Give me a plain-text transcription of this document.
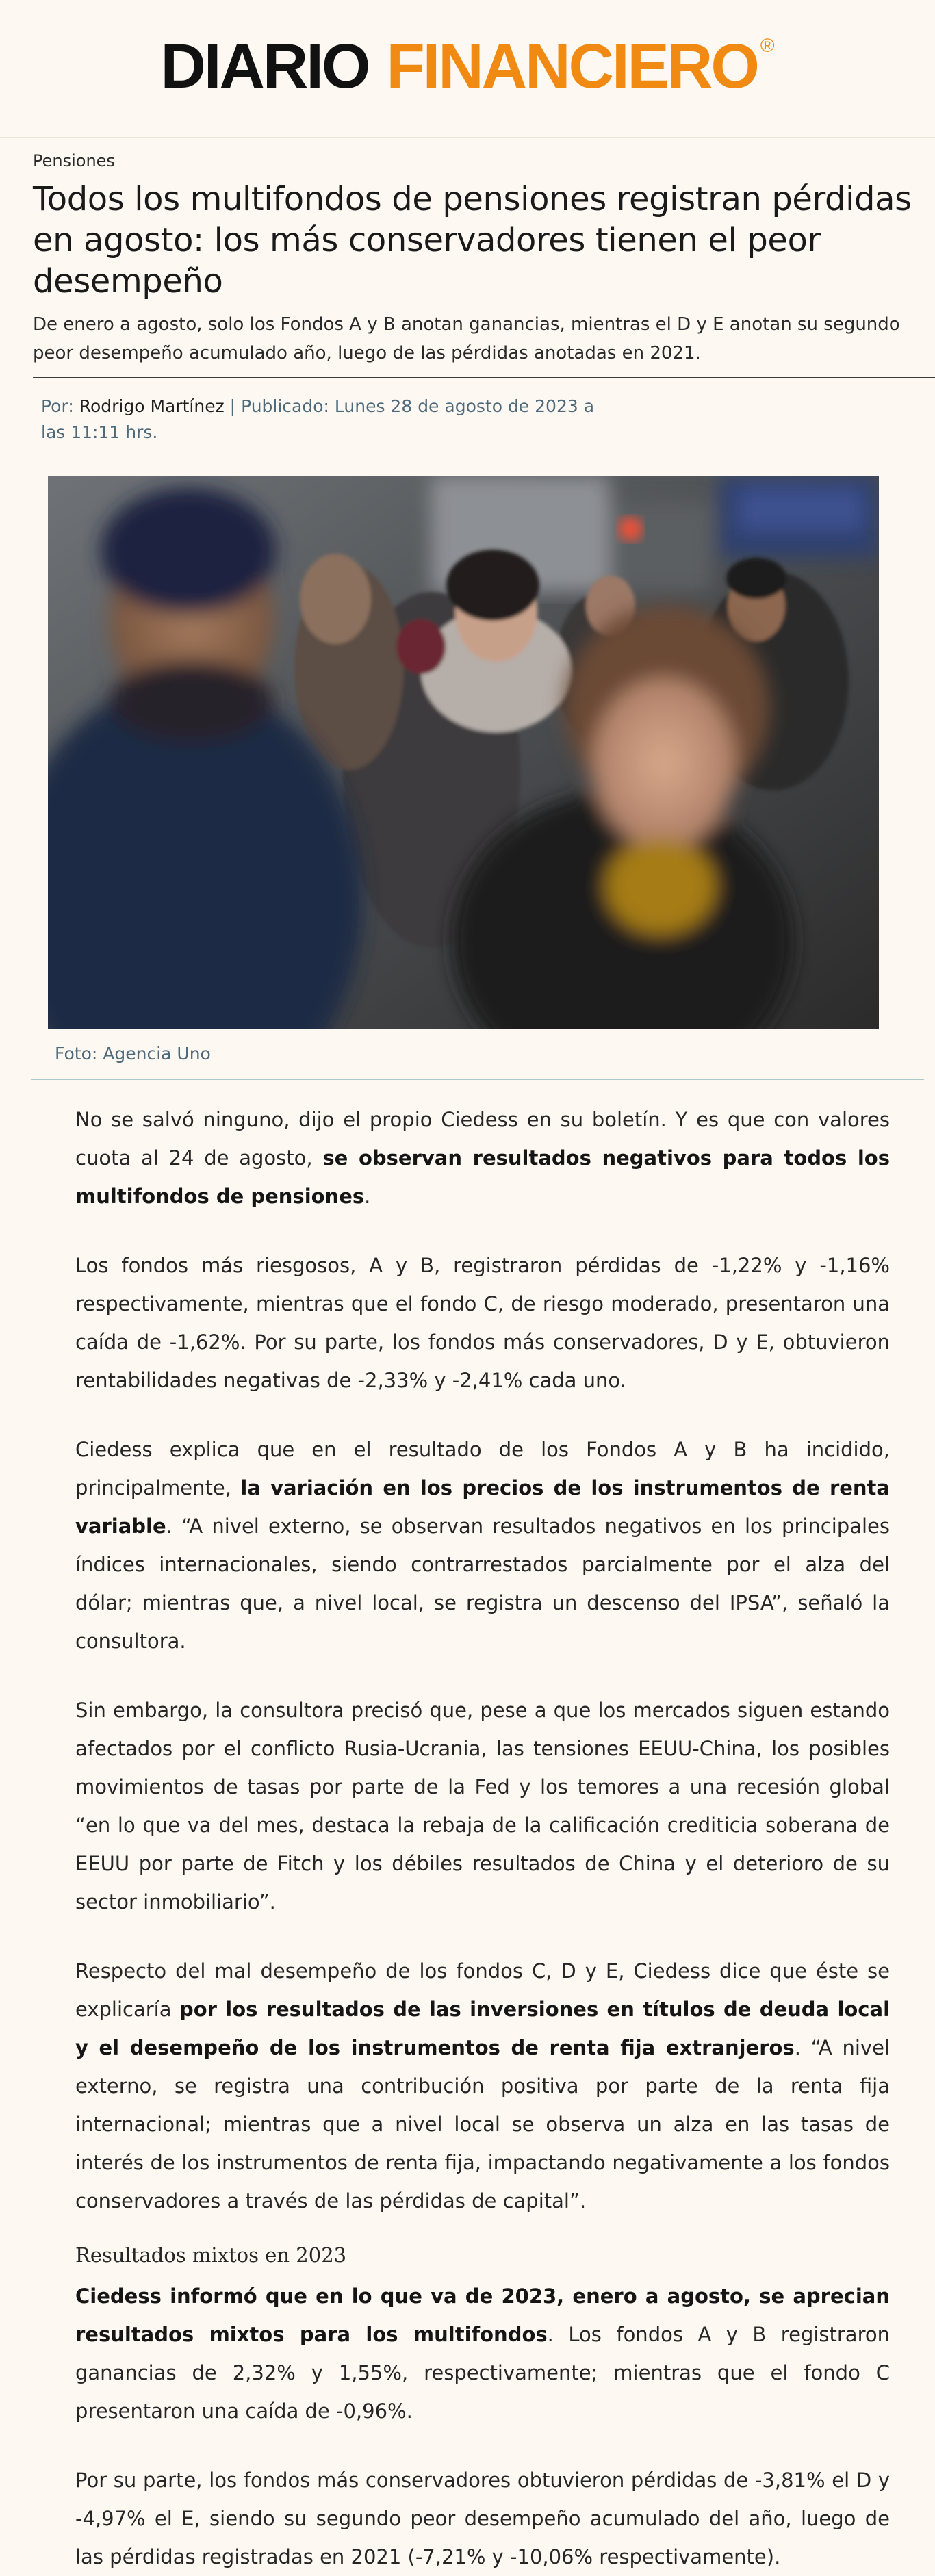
DIARIO FINANCIERO ®
Pensiones
Todos los multifondos de pensiones registran pérdidas en agosto: los más conservadores tienen el peor desempeño

De enero a agosto, solo los Fondos A y B anotan ganancias, mientras el D y E anotan su segundo peor desempeño acumulado año, luego de las pérdidas anotadas en 2021.

Por: Rodrigo Martínez | Publicado: Lunes 28 de agosto de 2023 a las 11:11 hrs.
Foto: Agencia Uno

No se salvó ninguno, dijo el propio Ciedess en su boletín. Y es que con valores cuota al 24 de agosto, se observan resultados negativos para todos los multifondos de pensiones.

Los fondos más riesgosos, A y B, registraron pérdidas de -1,22% y -1,16% respectivamente, mientras que el fondo C, de riesgo moderado, presentaron una caída de -1,62%. Por su parte, los fondos más conservadores, D y E, obtuvieron rentabilidades negativas de -2,33% y -2,41% cada uno.

Ciedess explica que en el resultado de los Fondos A y B ha incidido, principalmente, la variación en los precios de los instrumentos de renta variable. “A nivel externo, se observan resultados negativos en los principales índices internacionales, siendo contrarrestados parcialmente por el alza del dólar; mientras que, a nivel local, se registra un descenso del IPSA”, señaló la consultora.

Sin embargo, la consultora precisó que, pese a que los mercados siguen estando afectados por el conflicto Rusia-Ucrania, las tensiones EEUU-China, los posibles movimientos de tasas por parte de la Fed y los temores a una recesión global “en lo que va del mes, destaca la rebaja de la calificación crediticia soberana de EEUU por parte de Fitch y los débiles resultados de China y el deterioro de su sector inmobiliario”.

Respecto del mal desempeño de los fondos C, D y E, Ciedess dice que éste se explicaría por los resultados de las inversiones en títulos de deuda local y el desempeño de los instrumentos de renta fija extranjeros. “A nivel externo, se registra una contribución positiva por parte de la renta fija internacional; mientras que a nivel local se observa un alza en las tasas de interés de los instrumentos de renta fija, impactando negativamente a los fondos conservadores a través de las pérdidas de capital”.

Resultados mixtos en 2023

Ciedess informó que en lo que va de 2023, enero a agosto, se aprecian resultados mixtos para los multifondos. Los fondos A y B registraron ganancias de 2,32% y 1,55%, respectivamente; mientras que el fondo C presentaron una caída de -0,96%.

Por su parte, los fondos más conservadores obtuvieron pérdidas de -3,81% el D y -4,97% el E, siendo su segundo peor desempeño acumulado del año, luego de las pérdidas registradas en 2021 (-7,21% y -10,06% respectivamente).
